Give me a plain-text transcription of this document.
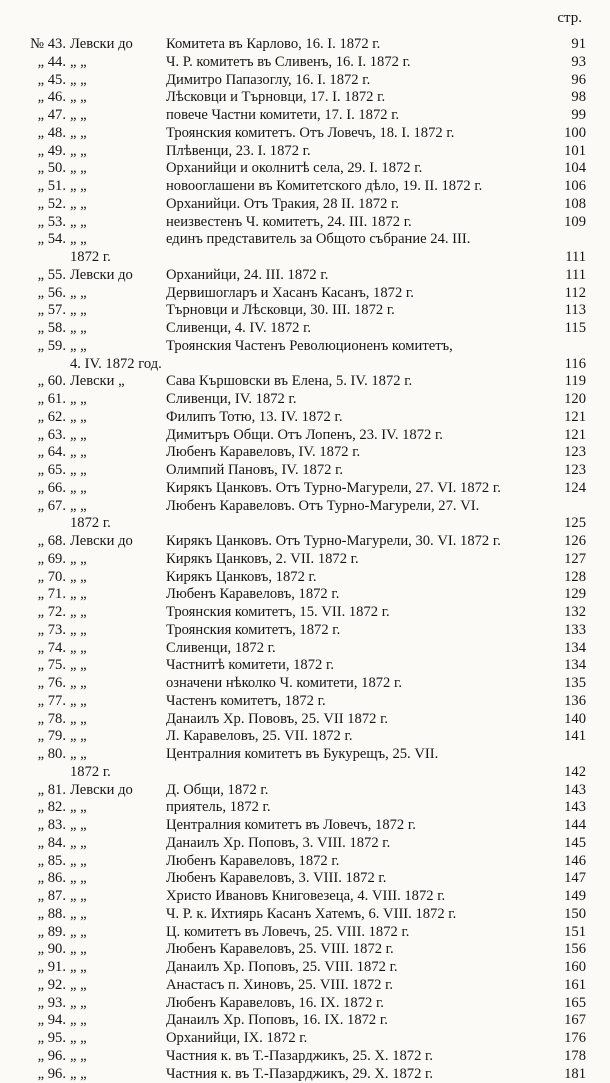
стр.
№ 43. Левски до Комитета въ Карлово, 16. I. 1872 г.	91
„ 44. „ „	Ч. Р. комитетъ въ Сливенъ, 16. I. 1872 г.	93
„ 45. „ „	Димитро Папазоглу, 16. I. 1872 г.	96
„ 46. „ „	Лѣсковци и Търновци, 17. I. 1872 г.	98
„ 47. „ „	повече Частни комитети, 17. I. 1872 г.	99
„ 48. „ „	Троянския комитетъ. Отъ Ловечъ, 18. I. 1872 г.	100
„ 49. „ „	Плѣвенци, 23. I. 1872 г.	101
„ 50. „ „	Орханийци и околнитѣ села, 29. I. 1872 г.	104
„ 51. „ „	новооглашени въ Комитетского дѣло, 19. II. 1872 г.	106
„ 52. „ „	Орханийци. Отъ Тракия, 28 II. 1872 г.	108
„ 53. „ „	неизвестенъ Ч. комитетъ, 24. III. 1872 г.	109
„ 54. „ „	единъ представитель за Общото събрание 24. III.
1872 г.	111
„ 55. Левски до Орханийци, 24. III. 1872 г.	111
„ 56. „ „	Дервишогларъ и Хасанъ Касанъ, 1872 г.	112
„ 57. „ „	Търновци и Лѣсковци, 30. III. 1872 г.	113
„ 58. „ „	Сливенци, 4. IV. 1872 г.	115
„ 59. „ „	Троянския Частенъ Революционенъ комитетъ,
4. IV. 1872 год.	116
„ 60. Левски „	Сава Кършовски въ Елена, 5. IV. 1872 г.	119
„ 61. „ „	Сливенци, IV. 1872 г.	120
„ 62. „ „	Филипъ Тотю, 13. IV. 1872 г.	121
„ 63. „ „	Димитъръ Общи. Отъ Лопенъ, 23. IV. 1872 г.	121
„ 64. „ „	Любенъ Каравеловъ, IV. 1872 г.	123
„ 65. „ „	Олимпий Пановъ, IV. 1872 г.	123
„ 66. „ „	Кирякъ Цанковъ. Отъ Турно-Магурели, 27. VI. 1872 г.	124
„ 67. „ „	Любенъ Каравеловъ. Отъ Турно-Магурели, 27. VI.
1872 г.	125
„ 68. Левски до Кирякъ Цанковъ. Отъ Турно-Магурели, 30. VI. 1872 г.	126
„ 69. „ „	Кирякъ Цанковъ, 2. VII. 1872 г.	127
„ 70. „ „	Кирякъ Цанковъ, 1872 г.	128
„ 71. „ „	Любенъ Каравеловъ, 1872 г.	129
„ 72. „ „	Троянския комитетъ, 15. VII. 1872 г.	132
„ 73. „ „	Троянския комитетъ, 1872 г.	133
„ 74. „ „	Сливенци, 1872 г.	134
„ 75. „ „	Частнитѣ комитети, 1872 г.	134
„ 76. „ „	означени нѣколко Ч. комитети, 1872 г.	135
„ 77. „ „	Частенъ комитетъ, 1872 г.	136
„ 78. „ „	Данаилъ Хр. Пововъ, 25. VII 1872 г.	140
„ 79. „ „	Л. Каравеловъ, 25. VII. 1872 г.	141
„ 80. „ „	Централния комитетъ въ Букурещъ, 25. VII.
1872 г.	142
„ 81. Левски до Д. Общи, 1872 г.	143
„ 82. „ „	приятель, 1872 г.	143
„ 83. „ „	Централния комитетъ въ Ловечъ, 1872 г.	144
„ 84. „ „	Данаилъ Хр. Поповъ, 3. VIII. 1872 г.	145
„ 85. „ „	Любенъ Каравеловъ, 1872 г.	146
„ 86. „ „	Любенъ Каравеловъ, 3. VIII. 1872 г.	147
„ 87. „ „	Христо Ивановъ Книговезеца, 4. VIII. 1872 г.	149
„ 88. „ „	Ч. Р. к. Ихтиярь Касанъ Хатемъ, 6. VIII. 1872 г.	150
„ 89. „ „	Ц. комитетъ въ Ловечъ, 25. VIII. 1872 г.	151
„ 90. „ „	Любенъ Каравеловъ, 25. VIII. 1872 г.	156
„ 91. „ „	Данаилъ Хр. Поповъ, 25. VIII. 1872 г.	160
„ 92. „ „	Анастасъ п. Хиновъ, 25. VIII. 1872 г.	161
„ 93. „ „	Любенъ Каравеловъ, 16. IX. 1872 г.	165
„ 94. „ „	Данаилъ Хр. Поповъ, 16. IX. 1872 г.	167
„ 95. „ „	Орханийци, IX. 1872 г.	176
„ 96. „ „	Частния к. въ Т.-Пазарджикъ, 25. X. 1872 г.	178
„ 96. „ „	Частния к. въ Т.-Пазарджикъ, 29. X. 1872 г.	181
